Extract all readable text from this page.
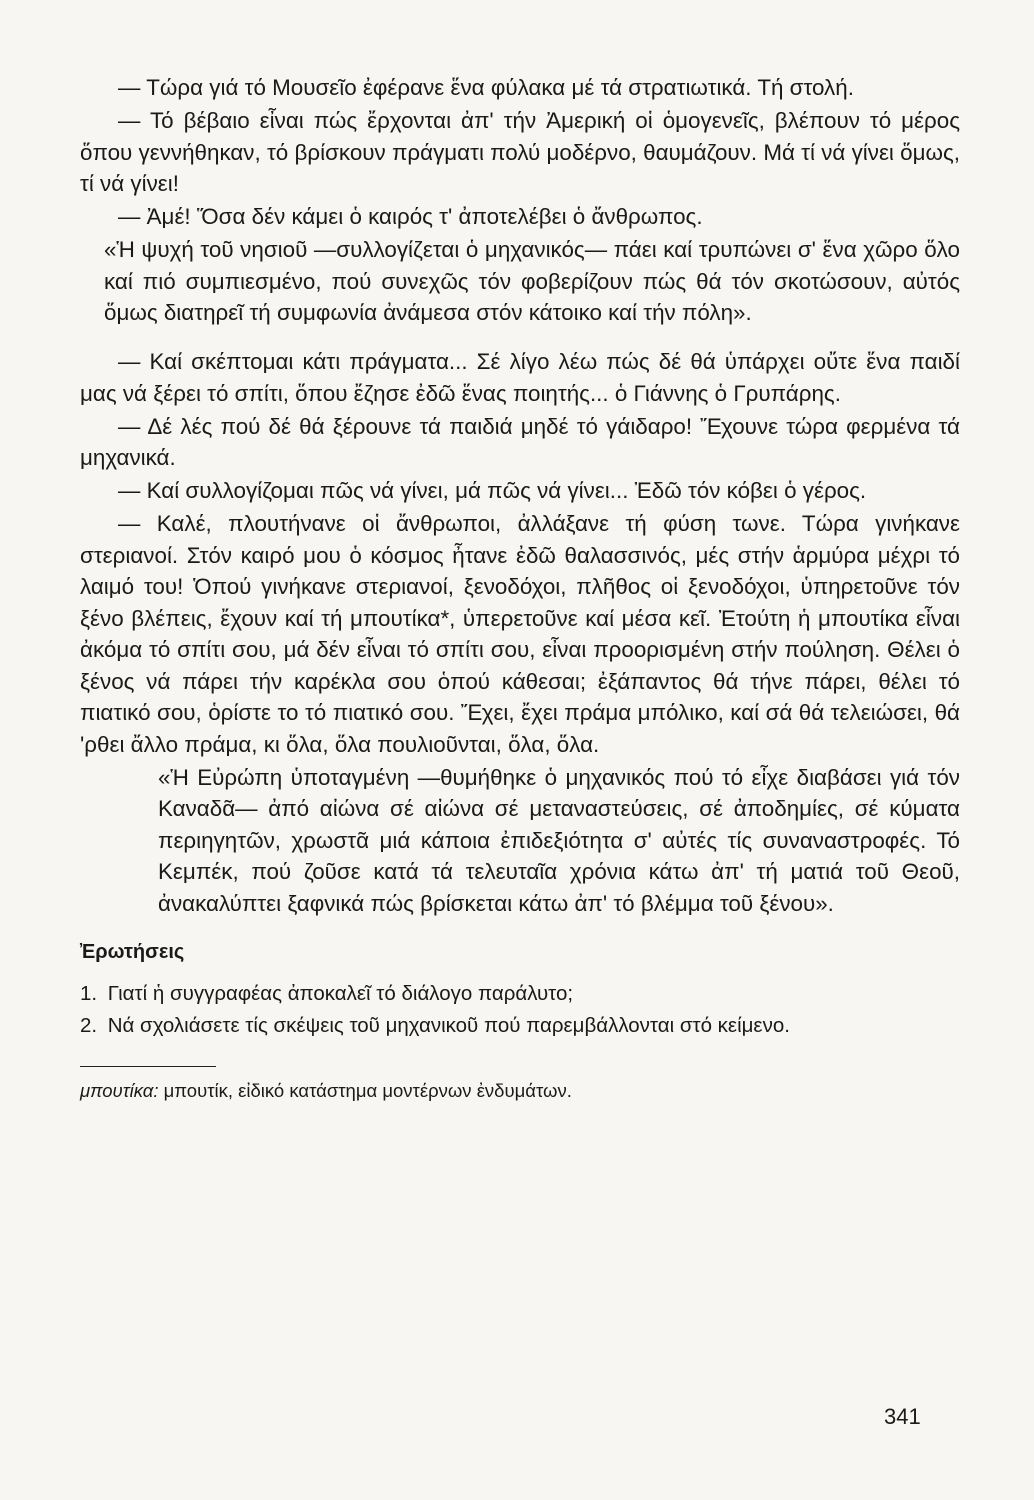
— Τώρα γιά τό Μουσεῖο ἐφέρανε ἕνα φύλακα μέ τά στρατιωτικά. Τή στολή.

— Τό βέβαιο εἶναι πώς ἔρχονται ἀπ' τήν Ἀμερική οἱ ὁμογενεῖς, βλέπουν τό μέρος ὅπου γεννήθηκαν, τό βρίσκουν πράγματι πολύ μοδέρνο, θαυμάζουν. Μά τί νά γίνει ὅμως, τί νά γίνει!

— Ἀμέ! Ὅσα δέν κάμει ὁ καιρός τ' ἀποτελέβει ὁ ἄνθρωπος.

«Ἡ ψυχή τοῦ νησιοῦ —συλλογίζεται ὁ μηχανικός— πάει καί τρυπώνει σ' ἕνα χῶρο ὅλο καί πιό συμπιεσμένο, πού συνεχῶς τόν φοβερίζουν πώς θά τόν σκοτώσουν, αὐτός ὅμως διατηρεῖ τή συμφωνία ἀνάμεσα στόν κάτοικο καί τήν πόλη».

— Καί σκέπτομαι κάτι πράγματα... Σέ λίγο λέω πώς δέ θά ὑπάρχει οὔτε ἕνα παιδί μας νά ξέρει τό σπίτι, ὅπου ἔζησε ἐδῶ ἕνας ποιητής... ὁ Γιάννης ὁ Γρυπάρης.

— Δέ λές πού δέ θά ξέρουνε τά παιδιά μηδέ τό γάιδαρο! Ἔχουνε τώρα φερμένα τά μηχανικά.

— Καί συλλογίζομαι πῶς νά γίνει, μά πῶς νά γίνει... Ἐδῶ τόν κόβει ὁ γέρος.

— Καλέ, πλουτήνανε οἱ ἄνθρωποι, ἀλλάξανε τή φύση τωνε. Τώρα γινήκανε στεριανοί. Στόν καιρό μου ὁ κόσμος ἦτανε ἐδῶ θαλασσινός, μές στήν ἁρμύρα μέχρι τό λαιμό του! Ὁπού γινήκανε στεριανοί, ξενοδόχοι, πλῆθος οἱ ξενοδόχοι, ὑπηρετοῦνε τόν ξένο βλέπεις, ἔχουν καί τή μπουτίκα*, ὑπερετοῦνε καί μέσα κεῖ. Ἐτούτη ἡ μπουτίκα εἶναι ἀκόμα τό σπίτι σου, μά δέν εἶναι τό σπίτι σου, εἶναι προορισμένη στήν πούληση. Θέλει ὁ ξένος νά πάρει τήν καρέκλα σου ὁπού κάθεσαι; ἐξάπαντος θά τήνε πάρει, θέλει τό πιατικό σου, ὁρίστε το τό πιατικό σου. Ἔχει, ἔχει πράμα μπόλικο, καί σά θά τελειώσει, θά 'ρθει ἄλλο πράμα, κι ὅλα, ὅλα πουλιοῦνται, ὅλα, ὅλα.

«Ἡ Εὐρώπη ὑποταγμένη —θυμήθηκε ὁ μηχανικός πού τό εἶχε διαβάσει γιά τόν Καναδᾶ— ἀπό αἰώνα σέ αἰώνα σέ μεταναστεύσεις, σέ ἀποδημίες, σέ κύματα περιηγητῶν, χρωστᾶ μιά κάποια ἐπιδεξιότητα σ' αὐτές τίς συναναστροφές. Τό Κεμπέκ, πού ζοῦσε κατά τά τελευταῖα χρόνια κάτω ἀπ' τή ματιά τοῦ Θεοῦ, ἀνακαλύπτει ξαφνικά πώς βρίσκεται κάτω ἀπ' τό βλέμμα τοῦ ξένου».

Ἐρωτήσεις
1. Γιατί ἡ συγγραφέας ἀποκαλεῖ τό διάλογο παράλυτο;
2. Νά σχολιάσετε τίς σκέψεις τοῦ μηχανικοῦ πού παρεμβάλλονται στό κείμενο.
μπουτίκα: μπουτίκ, εἰδικό κατάστημα μοντέρνων ἐνδυμάτων.
341
